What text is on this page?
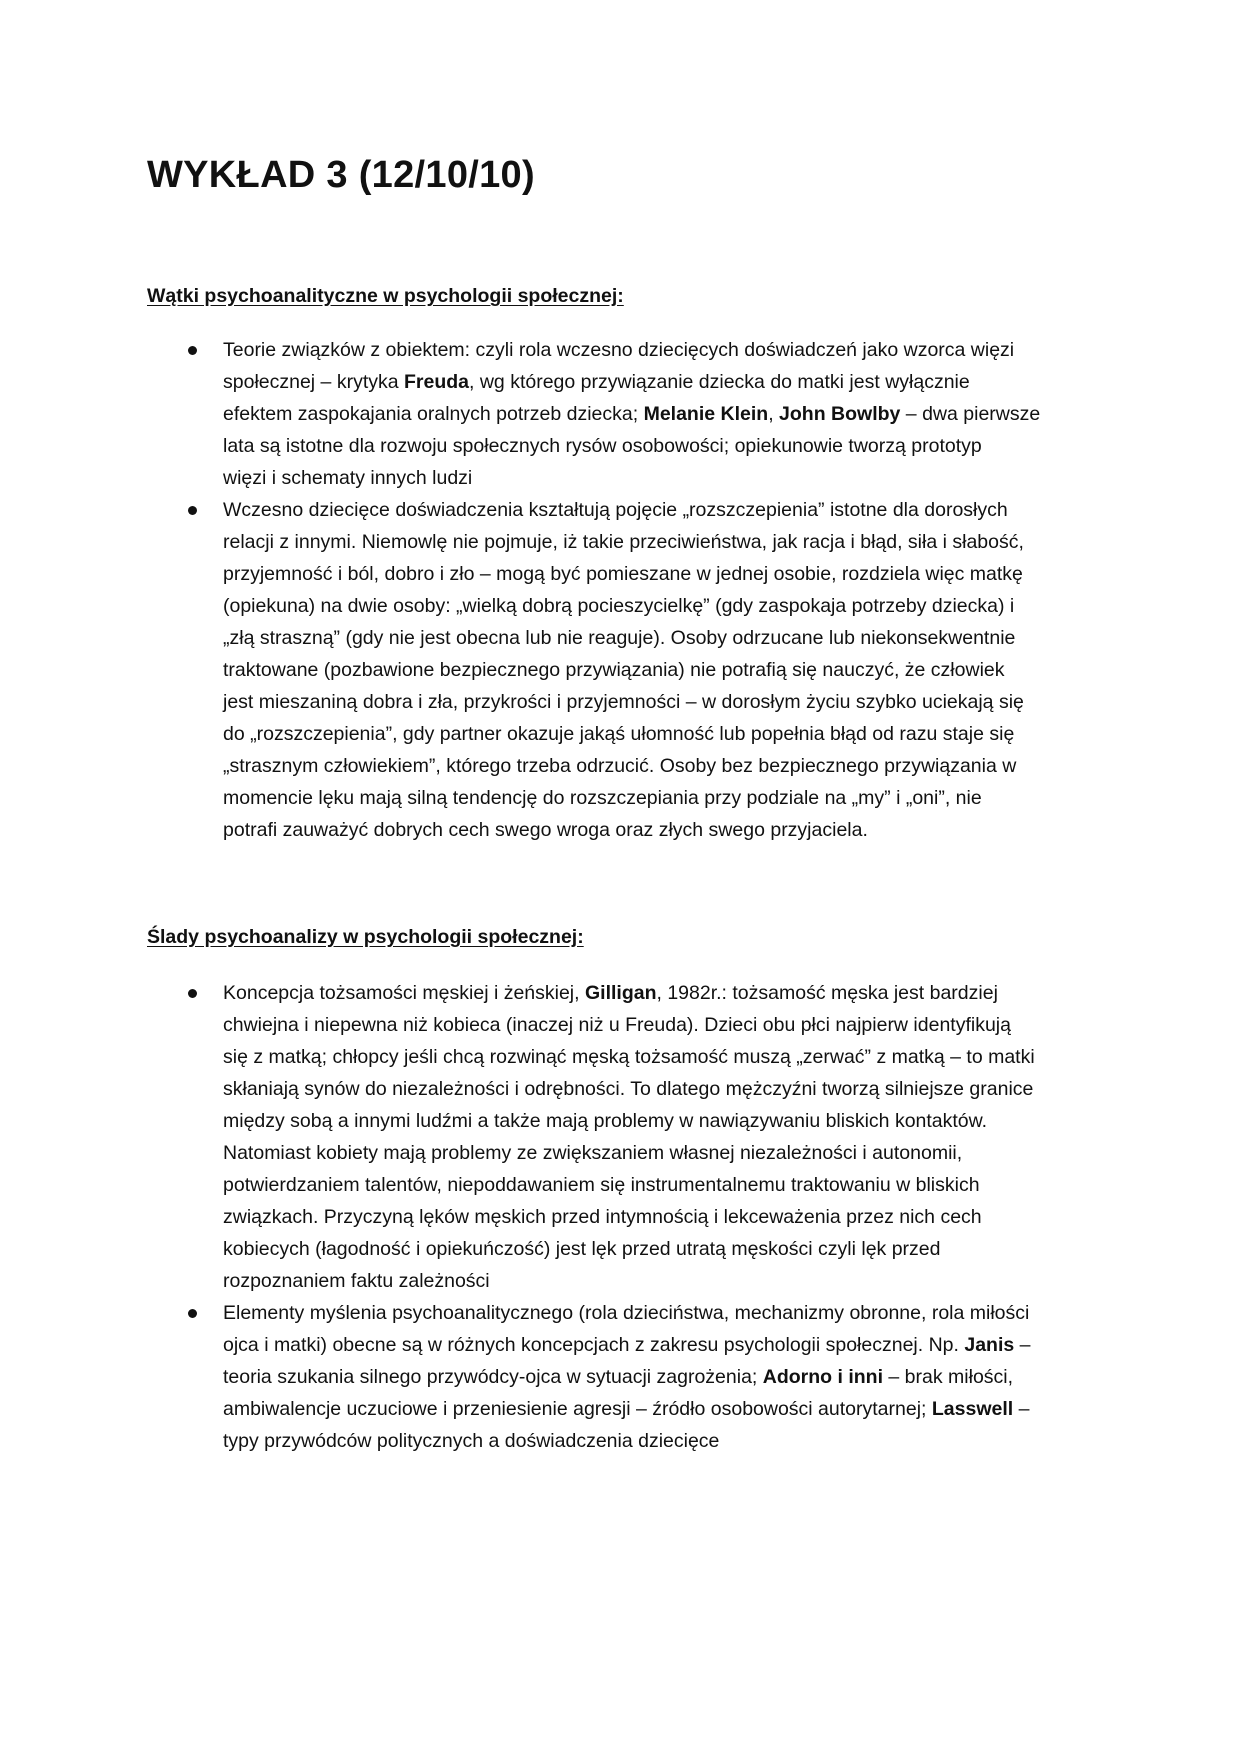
WYKŁAD 3 (12/10/10)
Wątki psychoanalityczne w psychologii społecznej:
Teorie związków z obiektem: czyli rola wczesno dziecięcych doświadczeń jako wzorca więzi
społecznej – krytyka Freuda, wg którego przywiązanie dziecka do matki jest wyłącznie
efektem zaspokajania oralnych potrzeb dziecka; Melanie Klein, John Bowlby – dwa pierwsze
lata są istotne dla rozwoju społecznych rysów osobowości; opiekunowie tworzą prototyp
więzi i schematy innych ludzi
Wczesno dziecięce doświadczenia kształtują pojęcie „rozszczepienia” istotne dla dorosłych
relacji z innymi. Niemowlę nie pojmuje, iż takie przeciwieństwa, jak racja i błąd, siła i słabość,
przyjemność i ból, dobro i zło – mogą być pomieszane w jednej osobie, rozdziela więc matkę
(opiekuna) na dwie osoby: „wielką dobrą pocieszycielkę” (gdy zaspokaja potrzeby dziecka) i
„złą straszną” (gdy nie jest obecna lub nie reaguje). Osoby odrzucane lub niekonsekwentnie
traktowane (pozbawione bezpiecznego przywiązania) nie potrafią się nauczyć, że człowiek
jest mieszaniną dobra i zła, przykrości i przyjemności – w dorosłym życiu szybko uciekają się
do „rozszczepienia”, gdy partner okazuje jakąś ułomność lub popełnia błąd od razu staje się
„strasznym człowiekiem”, którego trzeba odrzucić. Osoby bez bezpiecznego przywiązania w
momencie lęku mają silną tendencję do rozszczepiania przy podziale na „my” i „oni”, nie
potrafi zauważyć dobrych cech swego wroga oraz złych swego przyjaciela.
Ślady psychoanalizy w psychologii społecznej:
Koncepcja tożsamości męskiej i żeńskiej, Gilligan, 1982r.: tożsamość męska jest bardziej
chwiejna i niepewna niż kobieca (inaczej niż u Freuda). Dzieci obu płci najpierw identyfikują
się z matką; chłopcy jeśli chcą rozwinąć męską tożsamość muszą „zerwać” z matką – to matki
skłaniają synów do niezależności i odrębności. To dlatego mężczyźni tworzą silniejsze granice
między sobą a innymi ludźmi a także mają problemy w nawiązywaniu bliskich kontaktów.
Natomiast kobiety mają problemy ze zwiększaniem własnej niezależności i autonomii,
potwierdzaniem talentów, niepoddawaniem się instrumentalnemu traktowaniu w bliskich
związkach. Przyczyną lęków męskich przed intymnością i lekceważenia przez nich cech
kobiecych (łagodność i opiekuńczość) jest lęk przed utratą męskości czyli lęk przed
rozpoznaniem faktu zależności
Elementy myślenia psychoanalitycznego (rola dzieciństwa, mechanizmy obronne, rola miłości
ojca i matki) obecne są w różnych koncepcjach z zakresu psychologii społecznej. Np. Janis –
teoria szukania silnego przywódcy-ojca w sytuacji zagrożenia; Adorno i inni – brak miłości,
ambiwalencje uczuciowe i przeniesienie agresji – źródło osobowości autorytarnej; Lasswell –
typy przywódców politycznych a doświadczenia dziecięce
